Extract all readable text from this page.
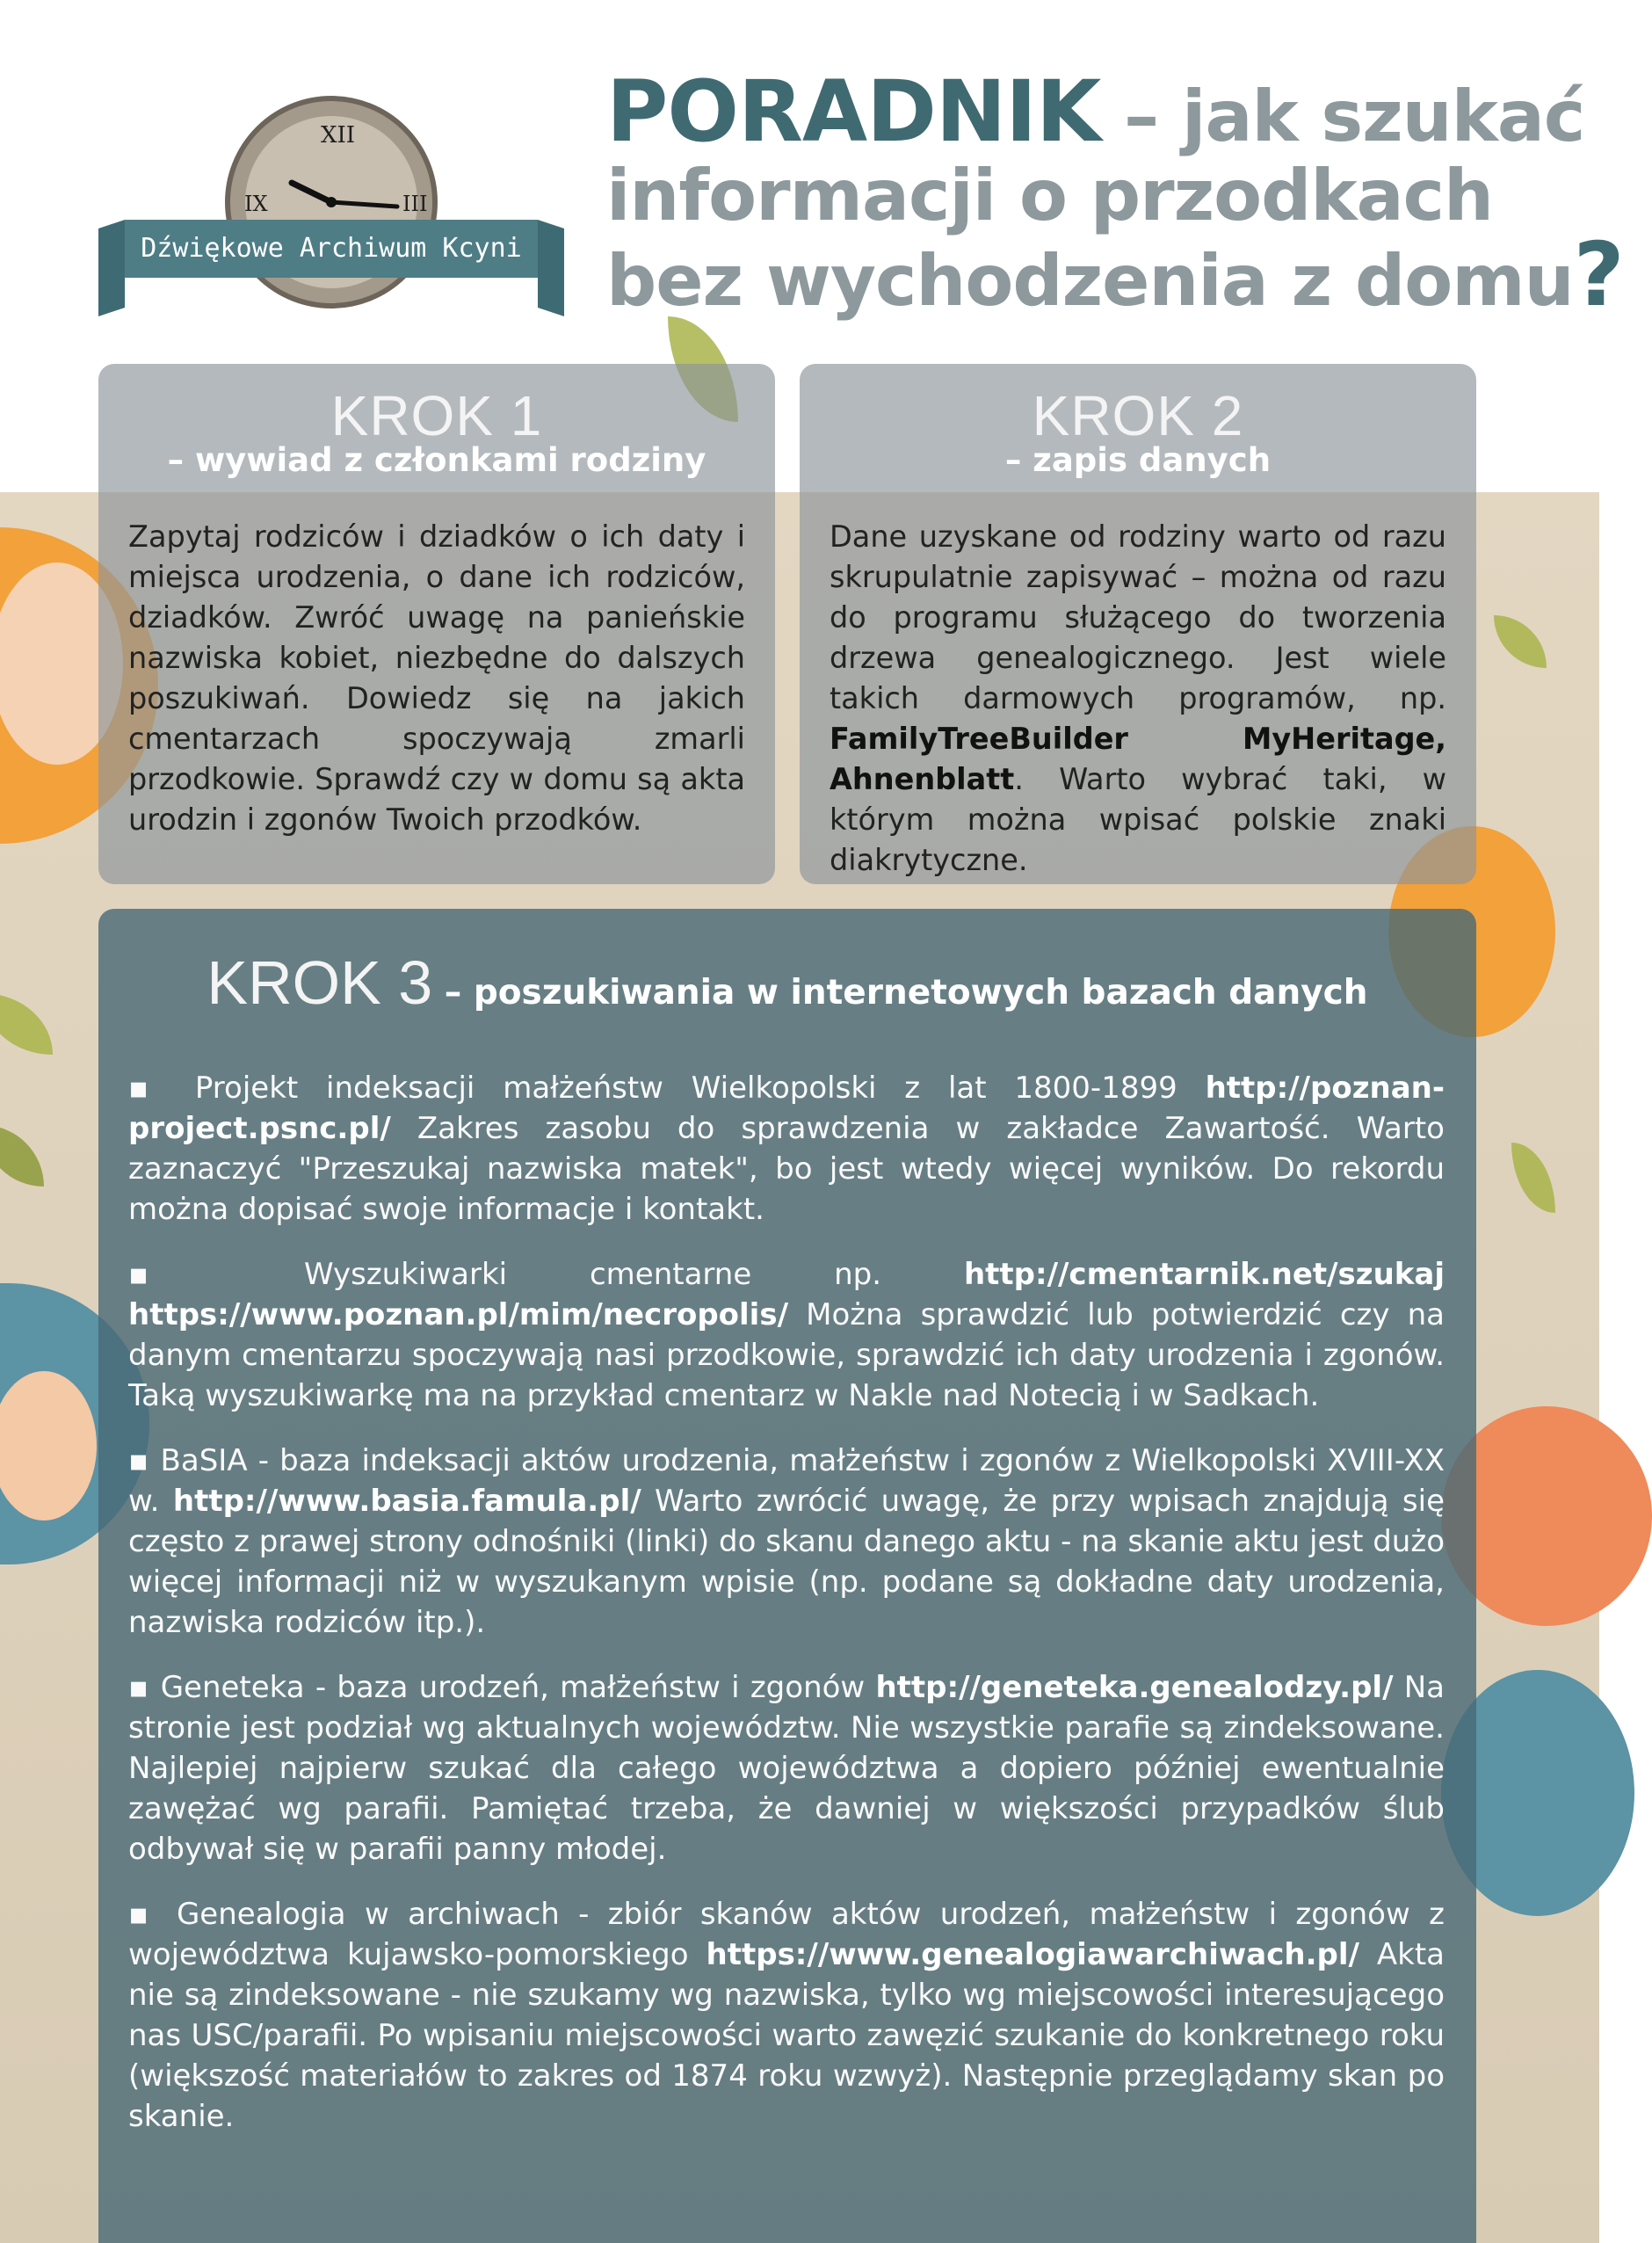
XII
III
IX
Dźwiękowe Archiwum Kcyni
PORADNIK – jak szukać
informacji o przodkach
bez wychodzenia z domu?
KROK 1
– wywiad z członkami rodziny
Zapytaj rodziców i dziadków o ich daty i miejsca urodzenia, o dane ich rodziców, dziadków. Zwróć uwagę na panieńskie nazwiska kobiet, niezbędne do dalszych poszukiwań. Dowiedz się na jakich cmentarzach spoczywają zmarli przodkowie. Sprawdź czy w domu są akta urodzin i zgonów Twoich przodków.
KROK 2
– zapis danych
Dane uzyskane od rodziny warto od razu skrupulatnie zapisywać – można od razu do programu służącego do tworzenia drzewa genealogicznego. Jest wiele takich darmowych programów, np. FamilyTreeBuilder MyHeritage, Ahnenblatt. Warto wybrać taki, w którym można wpisać polskie znaki diakrytyczne.
KROK 3 – poszukiwania w internetowych bazach danych
▪ Projekt indeksacji małżeństw Wielkopolski z lat 1800-1899 http://poznan-project.psnc.pl/ Zakres zasobu do sprawdzenia w zakładce Zawartość. Warto zaznaczyć "Przeszukaj nazwiska matek", bo jest wtedy więcej wyników. Do rekordu można dopisać swoje informacje i kontakt.
▪ Wyszukiwarki cmentarne np. http://cmentarnik.net/szukaj https://www.poznan.pl/mim/necropolis/ Można sprawdzić lub potwierdzić czy na danym cmentarzu spoczywają nasi przodkowie, sprawdzić ich daty urodzenia i zgonów. Taką wyszukiwarkę ma na przykład cmentarz w Nakle nad Notecią i w Sadkach.
▪ BaSIA - baza indeksacji aktów urodzenia, małżeństw i zgonów z Wielkopolski XVIII-XX w. http://www.basia.famula.pl/ Warto zwrócić uwagę, że przy wpisach znajdują się często z prawej strony odnośniki (linki) do skanu danego aktu - na skanie aktu jest dużo więcej informacji niż w wyszukanym wpisie (np. podane są dokładne daty urodzenia, nazwiska rodziców itp.).
▪ Geneteka - baza urodzeń, małżeństw i zgonów http://geneteka.genealodzy.pl/ Na stronie jest podział wg aktualnych województw. Nie wszystkie parafie są zindeksowane. Najlepiej najpierw szukać dla całego województwa a dopiero później ewentualnie zawężać wg parafii. Pamiętać trzeba, że dawniej w większości przypadków ślub odbywał się w parafii panny młodej.
▪ Genealogia w archiwach - zbiór skanów aktów urodzeń, małżeństw i zgonów z województwa kujawsko-pomorskiego https://www.genealogiawarchiwach.pl/ Akta nie są zindeksowane - nie szukamy wg nazwiska, tylko wg miejscowości interesującego nas USC/parafii. Po wpisaniu miejscowości warto zawęzić szukanie do konkretnego roku (większość materiałów to zakres od 1874 roku wzwyż). Następnie przeglądamy skan po skanie.
